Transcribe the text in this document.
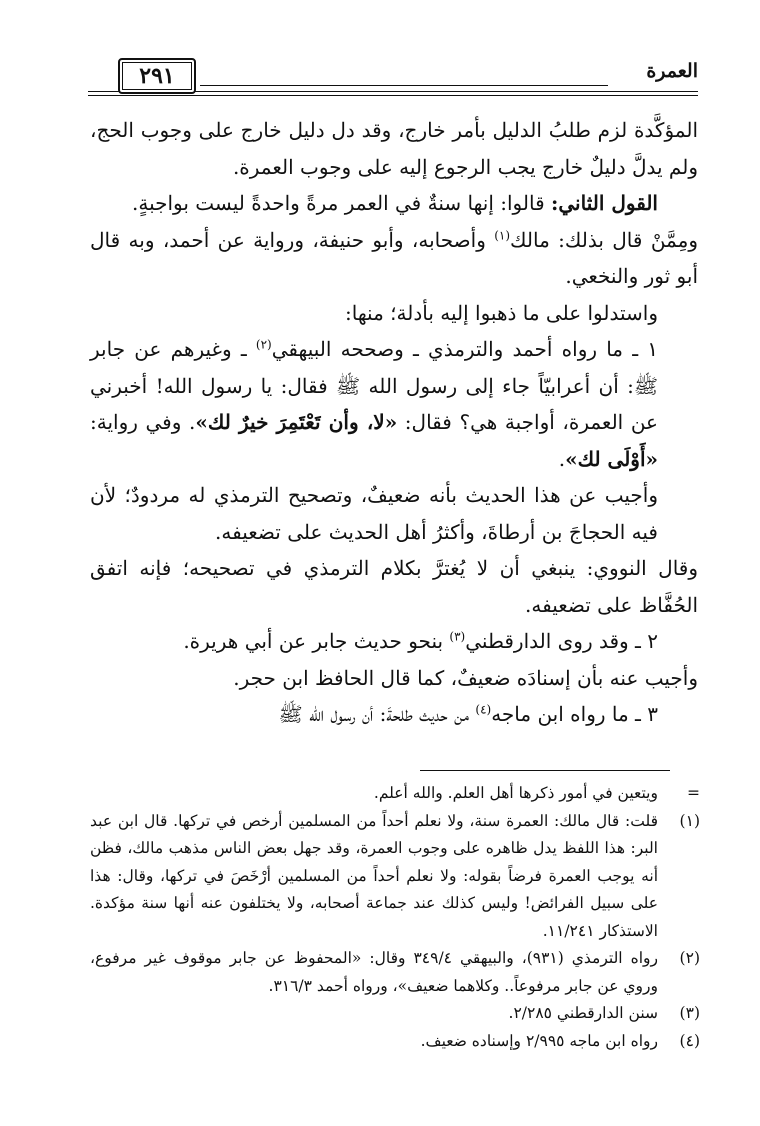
العمرة
٢٩١

المؤكَّدة لزم طلبُ الدليل بأمر خارج، وقد دل دليل خارج على وجوب الحج، ولم يدلَّ دليلٌ خارج يجب الرجوع إليه على وجوب العمرة.

القول الثاني: قالوا: إنها سنةٌ في العمر مرةً واحدةً ليست بواجبةٍ.

ومِمَّنْ قال بذلك: مالك$^{(١)}$ وأصحابه، وأبو حنيفة، ورواية عن أحمد، وبه قال أبو ثور والنخعي.

واستدلوا على ما ذهبوا إليه بأدلة؛ منها:

١ ـ ما رواه أحمد والترمذي ـ وصححه البيهقي$^{(٢)}$ ـ وغيرهم عن جابر ﷺ: أن أعرابيّاً جاء إلى رسول الله ﷺ فقال: يا رسول الله! أخبرني عن العمرة، أواجبة هي؟ فقال: «لا، وأن تَعْتَمِرَ خيرٌ لك». وفي رواية: «أَوْلَى لك».

وأجيب عن هذا الحديث بأنه ضعيفٌ، وتصحيح الترمذي له مردودٌ؛ لأن فيه الحجاجَ بن أرطاةَ، وأكثرُ أهل الحديث على تضعيفه.

وقال النووي: ينبغي أن لا يُغترَّ بكلام الترمذي في تصحيحه؛ فإنه اتفق الحُفَّاظ على تضعيفه.

٢ ـ وقد روى الدارقطني$^{(٣)}$ بنحو حديث جابر عن أبي هريرة.

وأجيب عنه بأن إسنادَه ضعيفٌ، كما قال الحافظ ابن حجر.

٣ ـ ما رواه ابن ماجه$^{(٤)}$ من حديث طلحةَ: أن رسول الله ﷺ

=
ويتعين في أمور ذكرها أهل العلم. والله أعلم.
(١)
قلت: قال مالك: العمرة سنة، ولا نعلم أحداً من المسلمين أرخص في تركها. قال ابن عبد البر: هذا اللفظ يدل ظاهره على وجوب العمرة، وقد جهل بعض الناس مذهب مالك، فظن أنه يوجب العمرة فرضاً بقوله: ولا نعلم أحداً من المسلمين أرْخَصَ في تركها، وقال: هذا على سبيل الفرائض! وليس كذلك عند جماعة أصحابه، ولا يختلفون عنه أنها سنة مؤكدة. الاستذكار ١١/٢٤١.
(٢)
رواه الترمذي (٩٣١)، والبيهقي ٣٤٩/٤ وقال: «المحفوظ عن جابر موقوف غير مرفوع، وروي عن جابر مرفوعاً.. وكلاهما ضعيف»، ورواه أحمد ٣١٦/٣.
(٣)
سنن الدارقطني ٢/٢٨٥.
(٤)
رواه ابن ماجه ٢/٩٩٥ وإسناده ضعيف.
